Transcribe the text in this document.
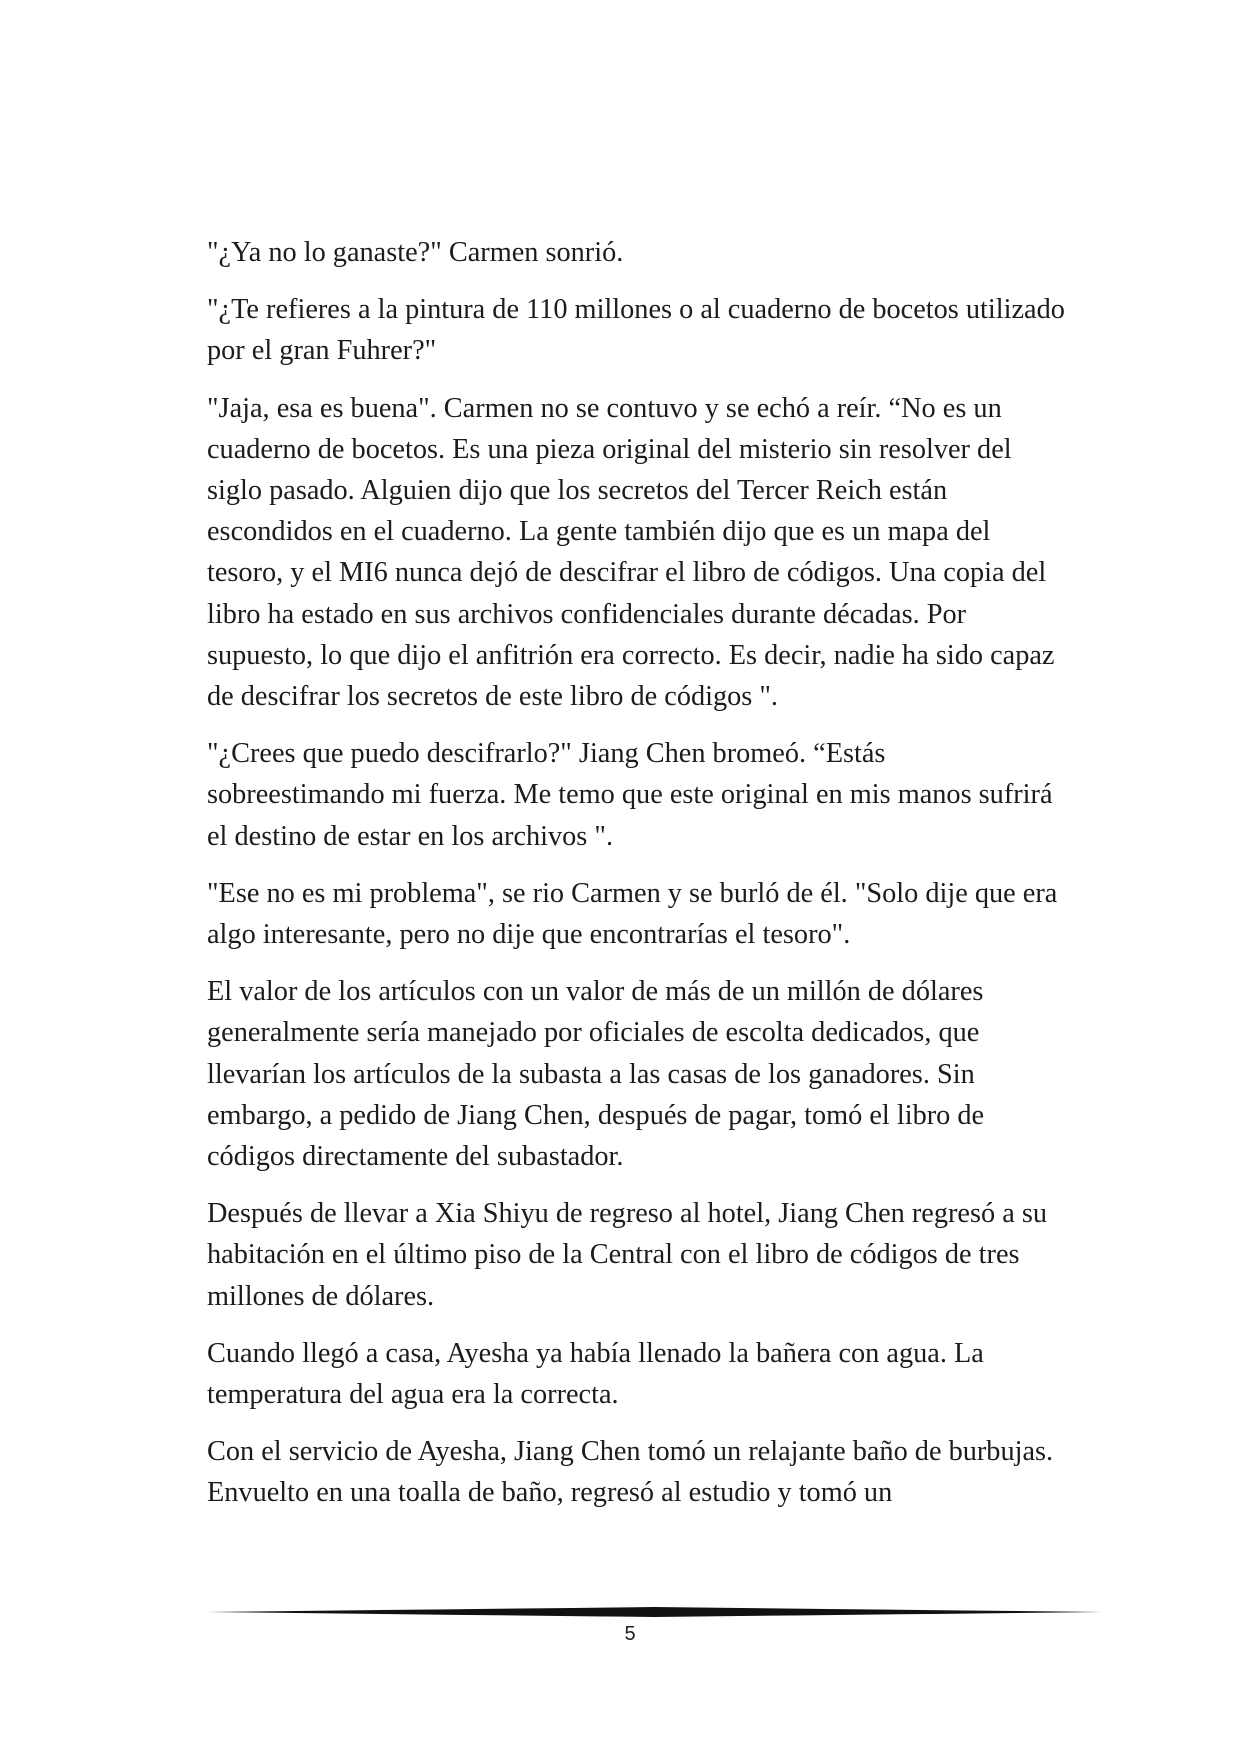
"¿Ya no lo ganaste?" Carmen sonrió.

"¿Te refieres a la pintura de 110 millones o al cuaderno de bocetos utilizado por el gran Fuhrer?"

"Jaja, esa es buena". Carmen no se contuvo y se echó a reír. “No es un cuaderno de bocetos. Es una pieza original del misterio sin resolver del siglo pasado. Alguien dijo que los secretos del Tercer Reich están escondidos en el cuaderno. La gente también dijo que es un mapa del tesoro, y el MI6 nunca dejó de descifrar el libro de códigos. Una copia del libro ha estado en sus archivos confidenciales durante décadas. Por supuesto, lo que dijo el anfitrión era correcto. Es decir, nadie ha sido capaz de descifrar los secretos de este libro de códigos ".

"¿Crees que puedo descifrarlo?" Jiang Chen bromeó. “Estás sobreestimando mi fuerza. Me temo que este original en mis manos sufrirá el destino de estar en los archivos ".

"Ese no es mi problema", se rio Carmen y se burló de él. "Solo dije que era algo interesante, pero no dije que encontrarías el tesoro".

El valor de los artículos con un valor de más de un millón de dólares generalmente sería manejado por oficiales de escolta dedicados, que llevarían los artículos de la subasta a las casas de los ganadores. Sin embargo, a pedido de Jiang Chen, después de pagar, tomó el libro de códigos directamente del subastador.

Después de llevar a Xia Shiyu de regreso al hotel, Jiang Chen regresó a su habitación en el último piso de la Central con el libro de códigos de tres millones de dólares.

Cuando llegó a casa, Ayesha ya había llenado la bañera con agua. La temperatura del agua era la correcta.

Con el servicio de Ayesha, Jiang Chen tomó un relajante baño de burbujas. Envuelto en una toalla de baño, regresó al estudio y tomó un

5
